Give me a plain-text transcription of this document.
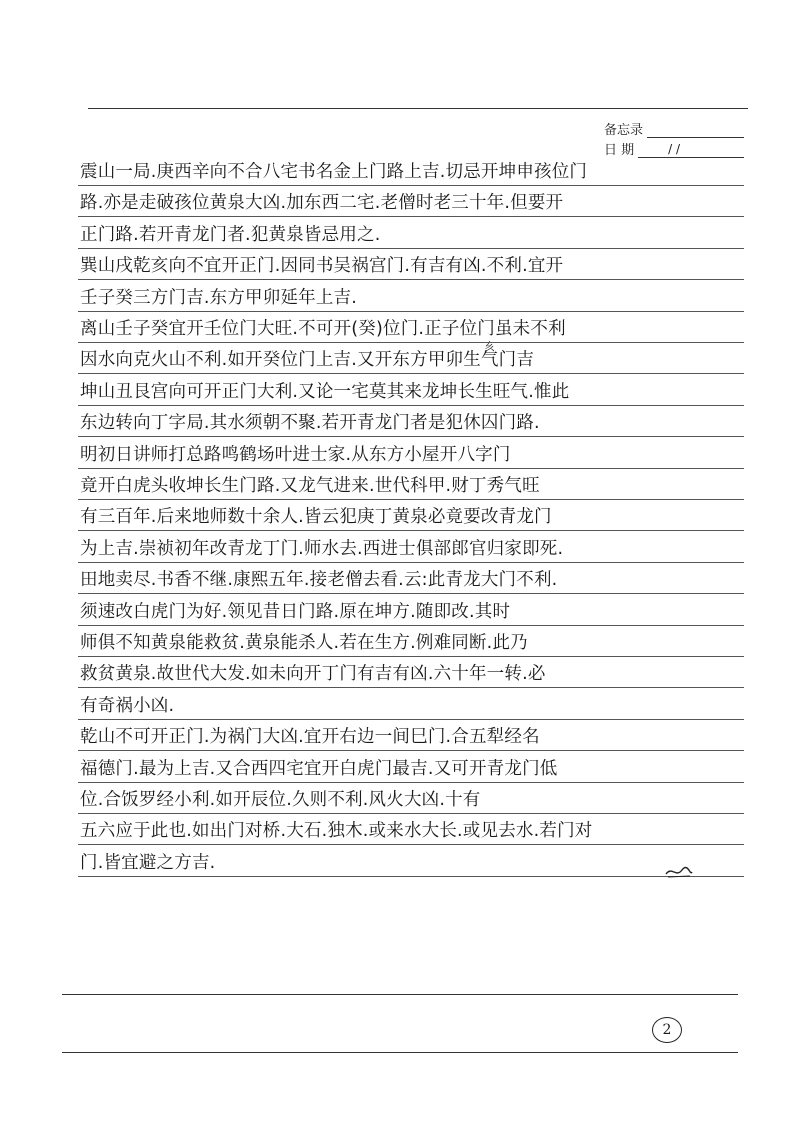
备忘录
日 期	/ /
亥
震山一局.庚西辛向不合八宅书名金上门路上吉.切忌开坤申孩位门
路.亦是走破孩位黄泉大凶.加东西二宅.老僧时老三十年.但要开
正门路.若开青龙门者.犯黄泉皆忌用之.
巽山戌乾亥向不宜开正门.因同书吴祸宫门.有吉有凶.不利.宜开
壬子癸三方门吉.东方甲卯延年上吉.
离山壬子癸宜开壬位门大旺.不可开(癸)位门.正子位门虽未不利
因水向克火山不利.如开癸位门上吉.又开东方甲卯生气门吉
坤山丑艮宫向可开正门大利.又论一宅莫其来龙坤长生旺气.惟此
东边转向丁字局.其水须朝不聚.若开青龙门者是犯休囚门路.
明初日讲师打总路鸣鹤场叶进士家.从东方小屋开八字门
竟开白虎头收坤长生门路.又龙气进来.世代科甲.财丁秀气旺
有三百年.后来地师数十余人.皆云犯庚丁黄泉必竟要改青龙门
为上吉.崇祯初年改青龙丁门.师水去.西进士俱部郎官归家即死.
田地卖尽.书香不继.康熙五年.接老僧去看.云:此青龙大门不利.
须速改白虎门为好.领见昔日门路.原在坤方.随即改.其时
师俱不知黄泉能救贫.黄泉能杀人.若在生方.例难同断.此乃
救贫黄泉.故世代大发.如未向开丁门有吉有凶.六十年一转.必
有奇祸小凶.
乾山不可开正门.为祸门大凶.宜开右边一间巳门.合五犁经名
福德门.最为上吉.又合西四宅宜开白虎门最吉.又可开青龙门低
位.合饭罗经小利.如开辰位.久则不利.风火大凶.十有
五六应于此也.如出门对桥.大石.独木.或来水大长.或见去水.若门对
门.皆宜避之方吉.
2
